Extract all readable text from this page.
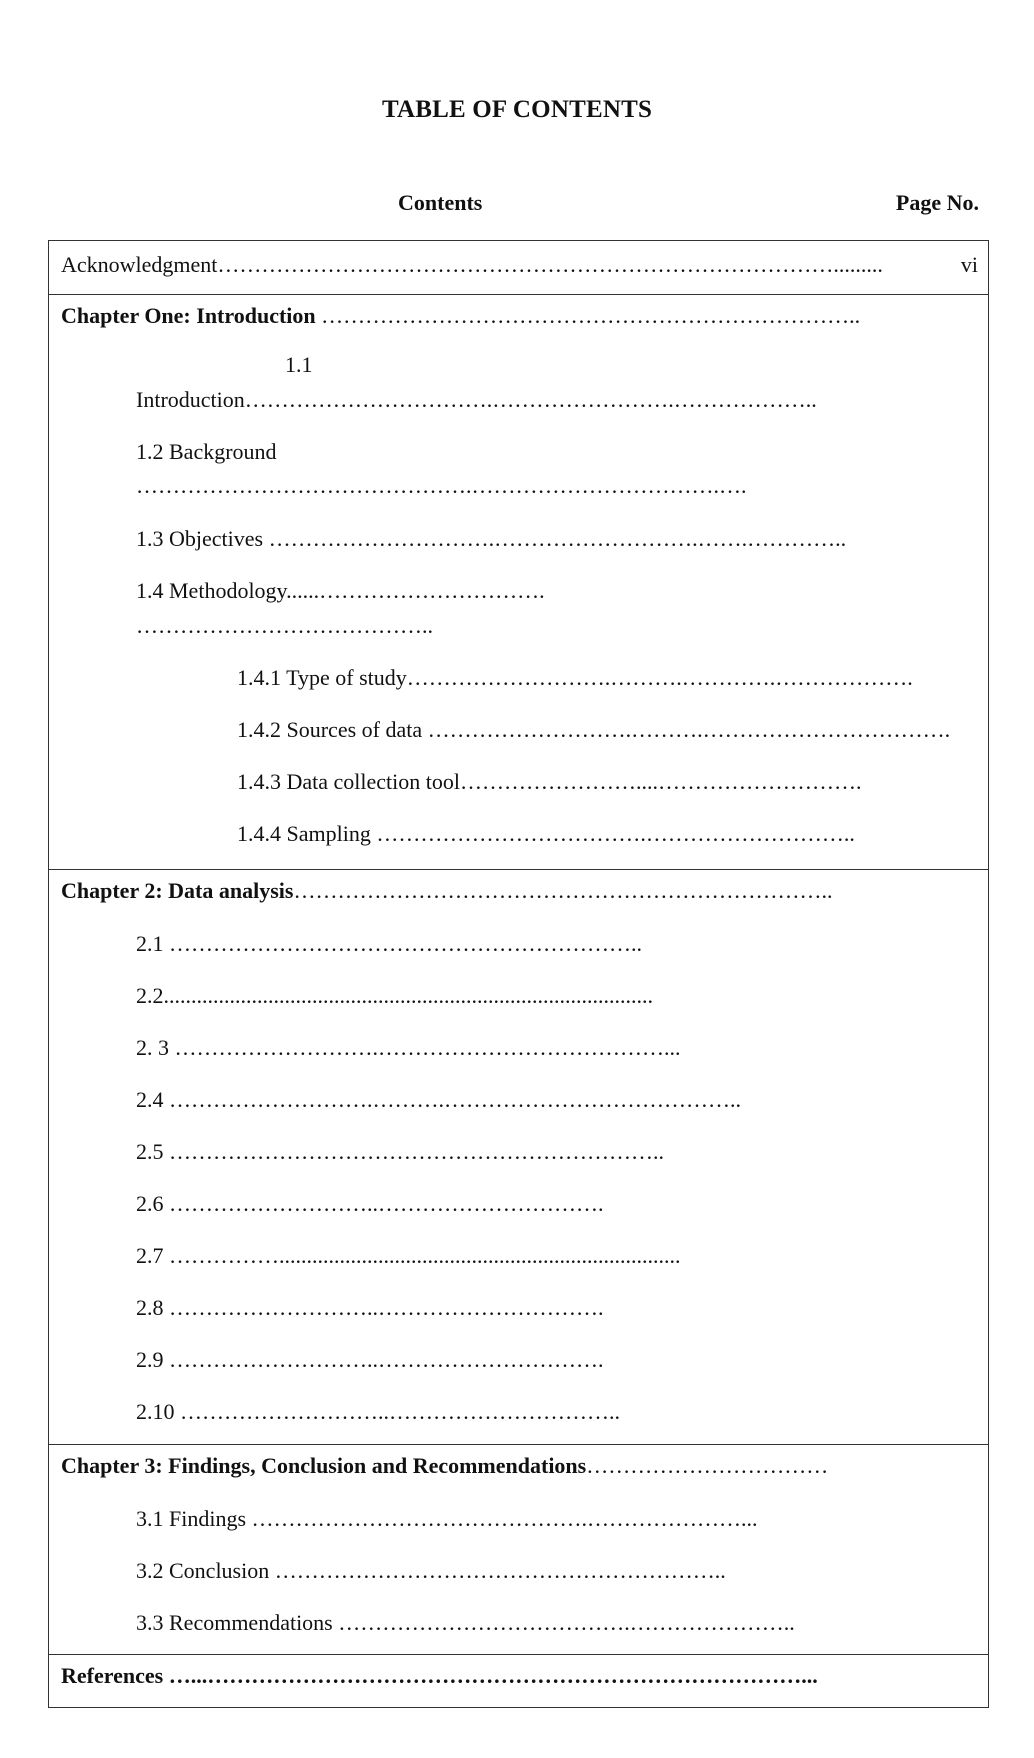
TABLE OF CONTENTS
Contents	Page No.
Acknowledgment………………………………………………………………………….........	vi
Chapter One: Introduction ………………………………………………………………..
1.1
Introduction…………………………….…………………….………………..
1.2 Background
……………………………………….…………………………….….
1.3 Objectives ………………………….……………………….…….…………..
1.4 Methodology......………………………….
…………………………………..
1.4.1 Type of study……………………….……….………….……………….
1.4.2 Sources of data ……………………….……….…………………………….
1.4.3 Data collection tool……………………....……………………….
1.4.4 Sampling ……………………………….………………………..
Chapter 2: Data analysis………………………………………………………………..
2.1 ………………………………………………………..
2.2.........................................................................................
2. 3 ……………………….…………………………………...
2.4 ……………………….……….…………………………………..
2.5 …………………………………………………………..
2.6 ………………………..………………………….
2.7 …………….........................................................................
2.8 ………………………..………………………….
2.9 ………………………..………………………….
2.10 ………………………..…………………………..
Chapter 3: Findings, Conclusion and Recommendations……………………………
3.1 Findings ……………………………………….…………………...
3.2 Conclusion ……………………………………………………..
3.3 Recommendations ………………………………….…………………..
References …...………………………………………………………………………...
